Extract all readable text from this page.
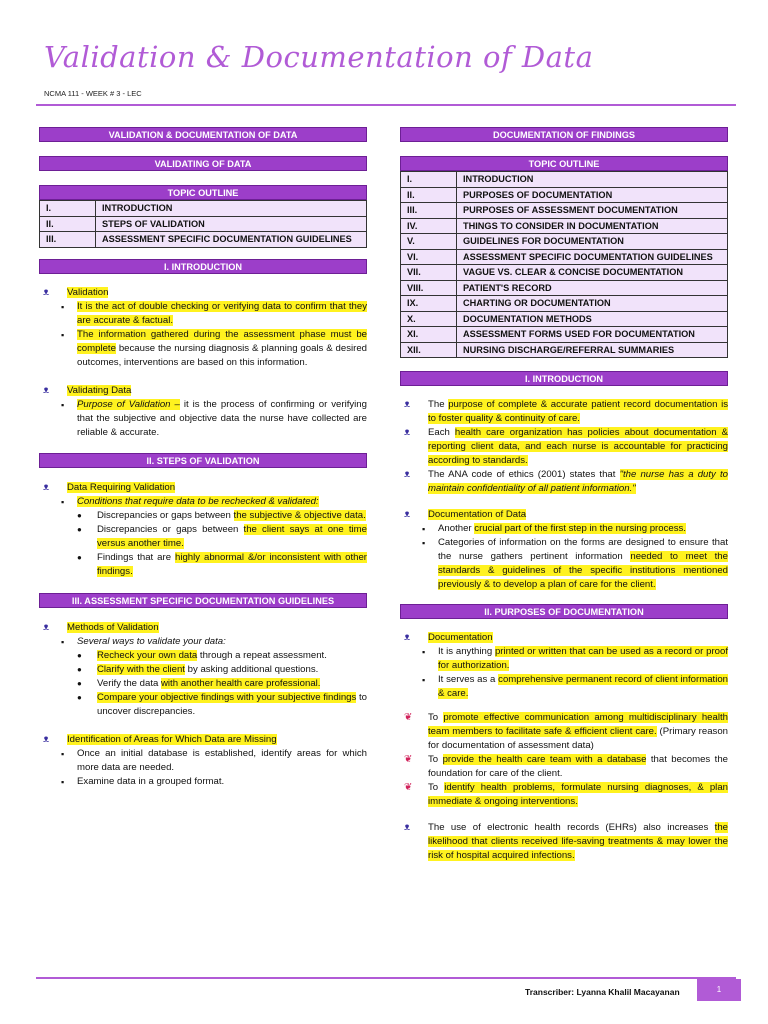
Validation & Documentation of Data
NCMA 111 - WEEK # 3 - LEC
VALIDATION & DOCUMENTATION OF DATA
VALIDATING OF DATA
TOPIC OUTLINE
I.	INTRODUCTION
II.	STEPS OF VALIDATION
III.	ASSESSMENT SPECIFIC DOCUMENTATION GUIDELINES
I. INTRODUCTION
ᴥ Validation
▪ It is the act of double checking or verifying data to confirm that they are accurate & factual.
▪ The information gathered during the assessment phase must be complete because the nursing diagnosis & planning goals & desired outcomes, interventions are based on this information.
ᴥ Validating Data
▪ Purpose of Validation – it is the process of confirming or verifying that the subjective and objective data the nurse have collected are reliable & accurate.
II. STEPS OF VALIDATION
ᴥ Data Requiring Validation
▪ Conditions that require data to be rechecked & validated:
● Discrepancies or gaps between the subjective & objective data.
● Discrepancies or gaps between the client says at one time versus another time.
● Findings that are highly abnormal &/or inconsistent with other findings.
III. ASSESSMENT SPECIFIC DOCUMENTATION GUIDELINES
ᴥ Methods of Validation
▪ Several ways to validate your data:
● Recheck your own data through a repeat assessment.
● Clarify with the client by asking additional questions.
● Verify the data with another health care professional.
● Compare your objective findings with your subjective findings to uncover discrepancies.
ᴥ Identification of Areas for Which Data are Missing
▪ Once an initial database is established, identify areas for which more data are needed.
▪ Examine data in a grouped format.
DOCUMENTATION OF FINDINGS
TOPIC OUTLINE
I.	INTRODUCTION
II.	PURPOSES OF DOCUMENTATION
III.	PURPOSES OF ASSESSMENT DOCUMENTATION
IV.	THINGS TO CONSIDER IN DOCUMENTATION
V.	GUIDELINES FOR DOCUMENTATION
VI.	ASSESSMENT SPECIFIC DOCUMENTATION GUIDELINES
VII.	VAGUE VS. CLEAR & CONCISE DOCUMENTATION
VIII.	PATIENT'S RECORD
IX.	CHARTING OR DOCUMENTATION
X.	DOCUMENTATION METHODS
XI.	ASSESSMENT FORMS USED FOR DOCUMENTATION
XII.	NURSING DISCHARGE/REFERRAL SUMMARIES
I. INTRODUCTION
ᴥ The purpose of complete & accurate patient record documentation is to foster quality & continuity of care.
ᴥ Each health care organization has policies about documentation & reporting client data, and each nurse is accountable for practicing according to standards.
ᴥ The ANA code of ethics (2001) states that "the nurse has a duty to maintain confidentiality of all patient information."
ᴥ Documentation of Data
▪ Another crucial part of the first step in the nursing process.
▪ Categories of information on the forms are designed to ensure that the nurse gathers pertinent information needed to meet the standards & guidelines of the specific institutions mentioned previously & to develop a plan of care for the client.
II. PURPOSES OF DOCUMENTATION
ᴥ Documentation
▪ It is anything printed or written that can be used as a record or proof for authorization.
▪ It serves as a comprehensive permanent record of client information & care.
❦ To promote effective communication among multidisciplinary health team members to facilitate safe & efficient client care. (Primary reason for documentation of assessment data)
❦ To provide the health care team with a database that becomes the foundation for care of the client.
❦ To identify health problems, formulate nursing diagnoses, & plan immediate & ongoing interventions.
ᴥ The use of electronic health records (EHRs) also increases the likelihood that clients received life-saving treatments & may lower the risk of hospital acquired infections.
Transcriber: Lyanna Khalil Macayanan	1
